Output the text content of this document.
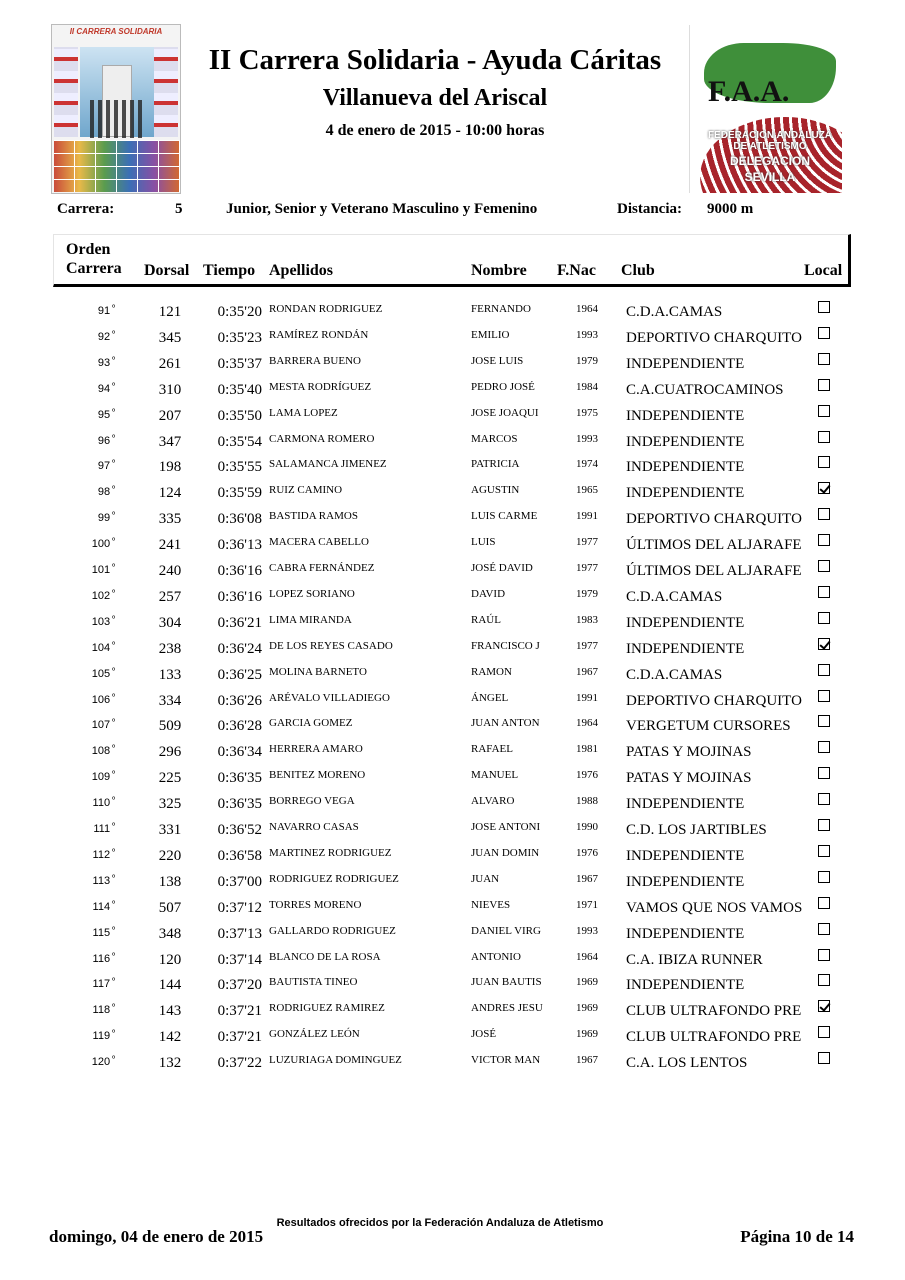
II CARRERA SOLIDARIA
II Carrera Solidaria - Ayuda Cáritas
Villanueva del Ariscal
4 de enero de 2015 - 10:00 horas
F.A.A.
FEDERACION ANDALUZA
DE ATLETISMO
DELEGACION
SEVILLA
Carrera:	5	Junior, Senior y Veterano Masculino y Femenino	Distancia: 9000 m
Orden
Carrera Dorsal Tiempo Apellidos	Nombre F.Nac Club	Local
91 $^º$	121	0:35'20 RONDAN RODRIGUEZ	FERNANDO	1964 C.D.A.CAMAS
92 $^º$	345	0:35'23 RAMÍREZ RONDÁN	EMILIO	1993 DEPORTIVO CHARQUITO
93 $^º$	261	0:35'37 BARRERA BUENO	JOSE LUIS	1979 INDEPENDIENTE
94 $^º$	310	0:35'40 MESTA RODRÍGUEZ	PEDRO JOSÉ	1984 C.A.CUATROCAMINOS
95 $^º$	207	0:35'50 LAMA LOPEZ	JOSE JOAQUI	1975 INDEPENDIENTE
96 $^º$	347	0:35'54 CARMONA ROMERO	MARCOS	1993 INDEPENDIENTE
97 $^º$	198	0:35'55 SALAMANCA JIMENEZ	PATRICIA	1974 INDEPENDIENTE
98 $^º$	124	0:35'59 RUIZ CAMINO	AGUSTIN	1965 INDEPENDIENTE
99 $^º$	335	0:36'08 BASTIDA RAMOS	LUIS CARME	1991 DEPORTIVO CHARQUITO
100 $^º$	241	0:36'13 MACERA CABELLO	LUIS	1977 ÚLTIMOS DEL ALJARAFE
101 $^º$	240	0:36'16 CABRA FERNÁNDEZ	JOSÉ DAVID	1977 ÚLTIMOS DEL ALJARAFE
102 $^º$	257	0:36'16 LOPEZ SORIANO	DAVID	1979 C.D.A.CAMAS
103 $^º$	304	0:36'21 LIMA MIRANDA	RAÚL	1983 INDEPENDIENTE
104 $^º$	238	0:36'24 DE LOS REYES CASADO	FRANCISCO J	1977 INDEPENDIENTE
105 $^º$	133	0:36'25 MOLINA BARNETO	RAMON	1967 C.D.A.CAMAS
106 $^º$	334	0:36'26 ARÉVALO VILLADIEGO	ÁNGEL	1991 DEPORTIVO CHARQUITO
107 $^º$	509	0:36'28 GARCIA GOMEZ	JUAN ANTON	1964 VERGETUM CURSORES
108 $^º$	296	0:36'34 HERRERA AMARO	RAFAEL	1981 PATAS Y MOJINAS
109 $^º$	225	0:36'35 BENITEZ MORENO	MANUEL	1976 PATAS Y MOJINAS
110 $^º$	325	0:36'35 BORREGO VEGA	ALVARO	1988 INDEPENDIENTE
111 $^º$	331	0:36'52 NAVARRO CASAS	JOSE ANTONI	1990 C.D. LOS JARTIBLES
112 $^º$	220	0:36'58 MARTINEZ RODRIGUEZ	JUAN DOMIN	1976 INDEPENDIENTE
113 $^º$	138	0:37'00 RODRIGUEZ RODRIGUEZ	JUAN	1967 INDEPENDIENTE
114 $^º$	507	0:37'12 TORRES MORENO	NIEVES	1971 VAMOS QUE NOS VAMOS
115 $^º$	348	0:37'13 GALLARDO RODRIGUEZ	DANIEL VIRG	1993 INDEPENDIENTE
116 $^º$	120	0:37'14 BLANCO DE LA ROSA	ANTONIO	1964 C.A. IBIZA RUNNER
117 $^º$	144	0:37'20 BAUTISTA TINEO	JUAN BAUTIS	1969 INDEPENDIENTE
118 $^º$	143	0:37'21 RODRIGUEZ RAMIREZ	ANDRES JESU	1969 CLUB ULTRAFONDO PRE
119 $^º$	142	0:37'21 GONZÁLEZ LEÓN	JOSÉ	1969 CLUB ULTRAFONDO PRE
120 $^º$	132	0:37'22 LUZURIAGA DOMINGUEZ	VICTOR MAN	1967 C.A. LOS LENTOS
Resultados ofrecidos por la Federación Andaluza de Atletismo
domingo, 04 de enero de 2015	Página 10 de 14
